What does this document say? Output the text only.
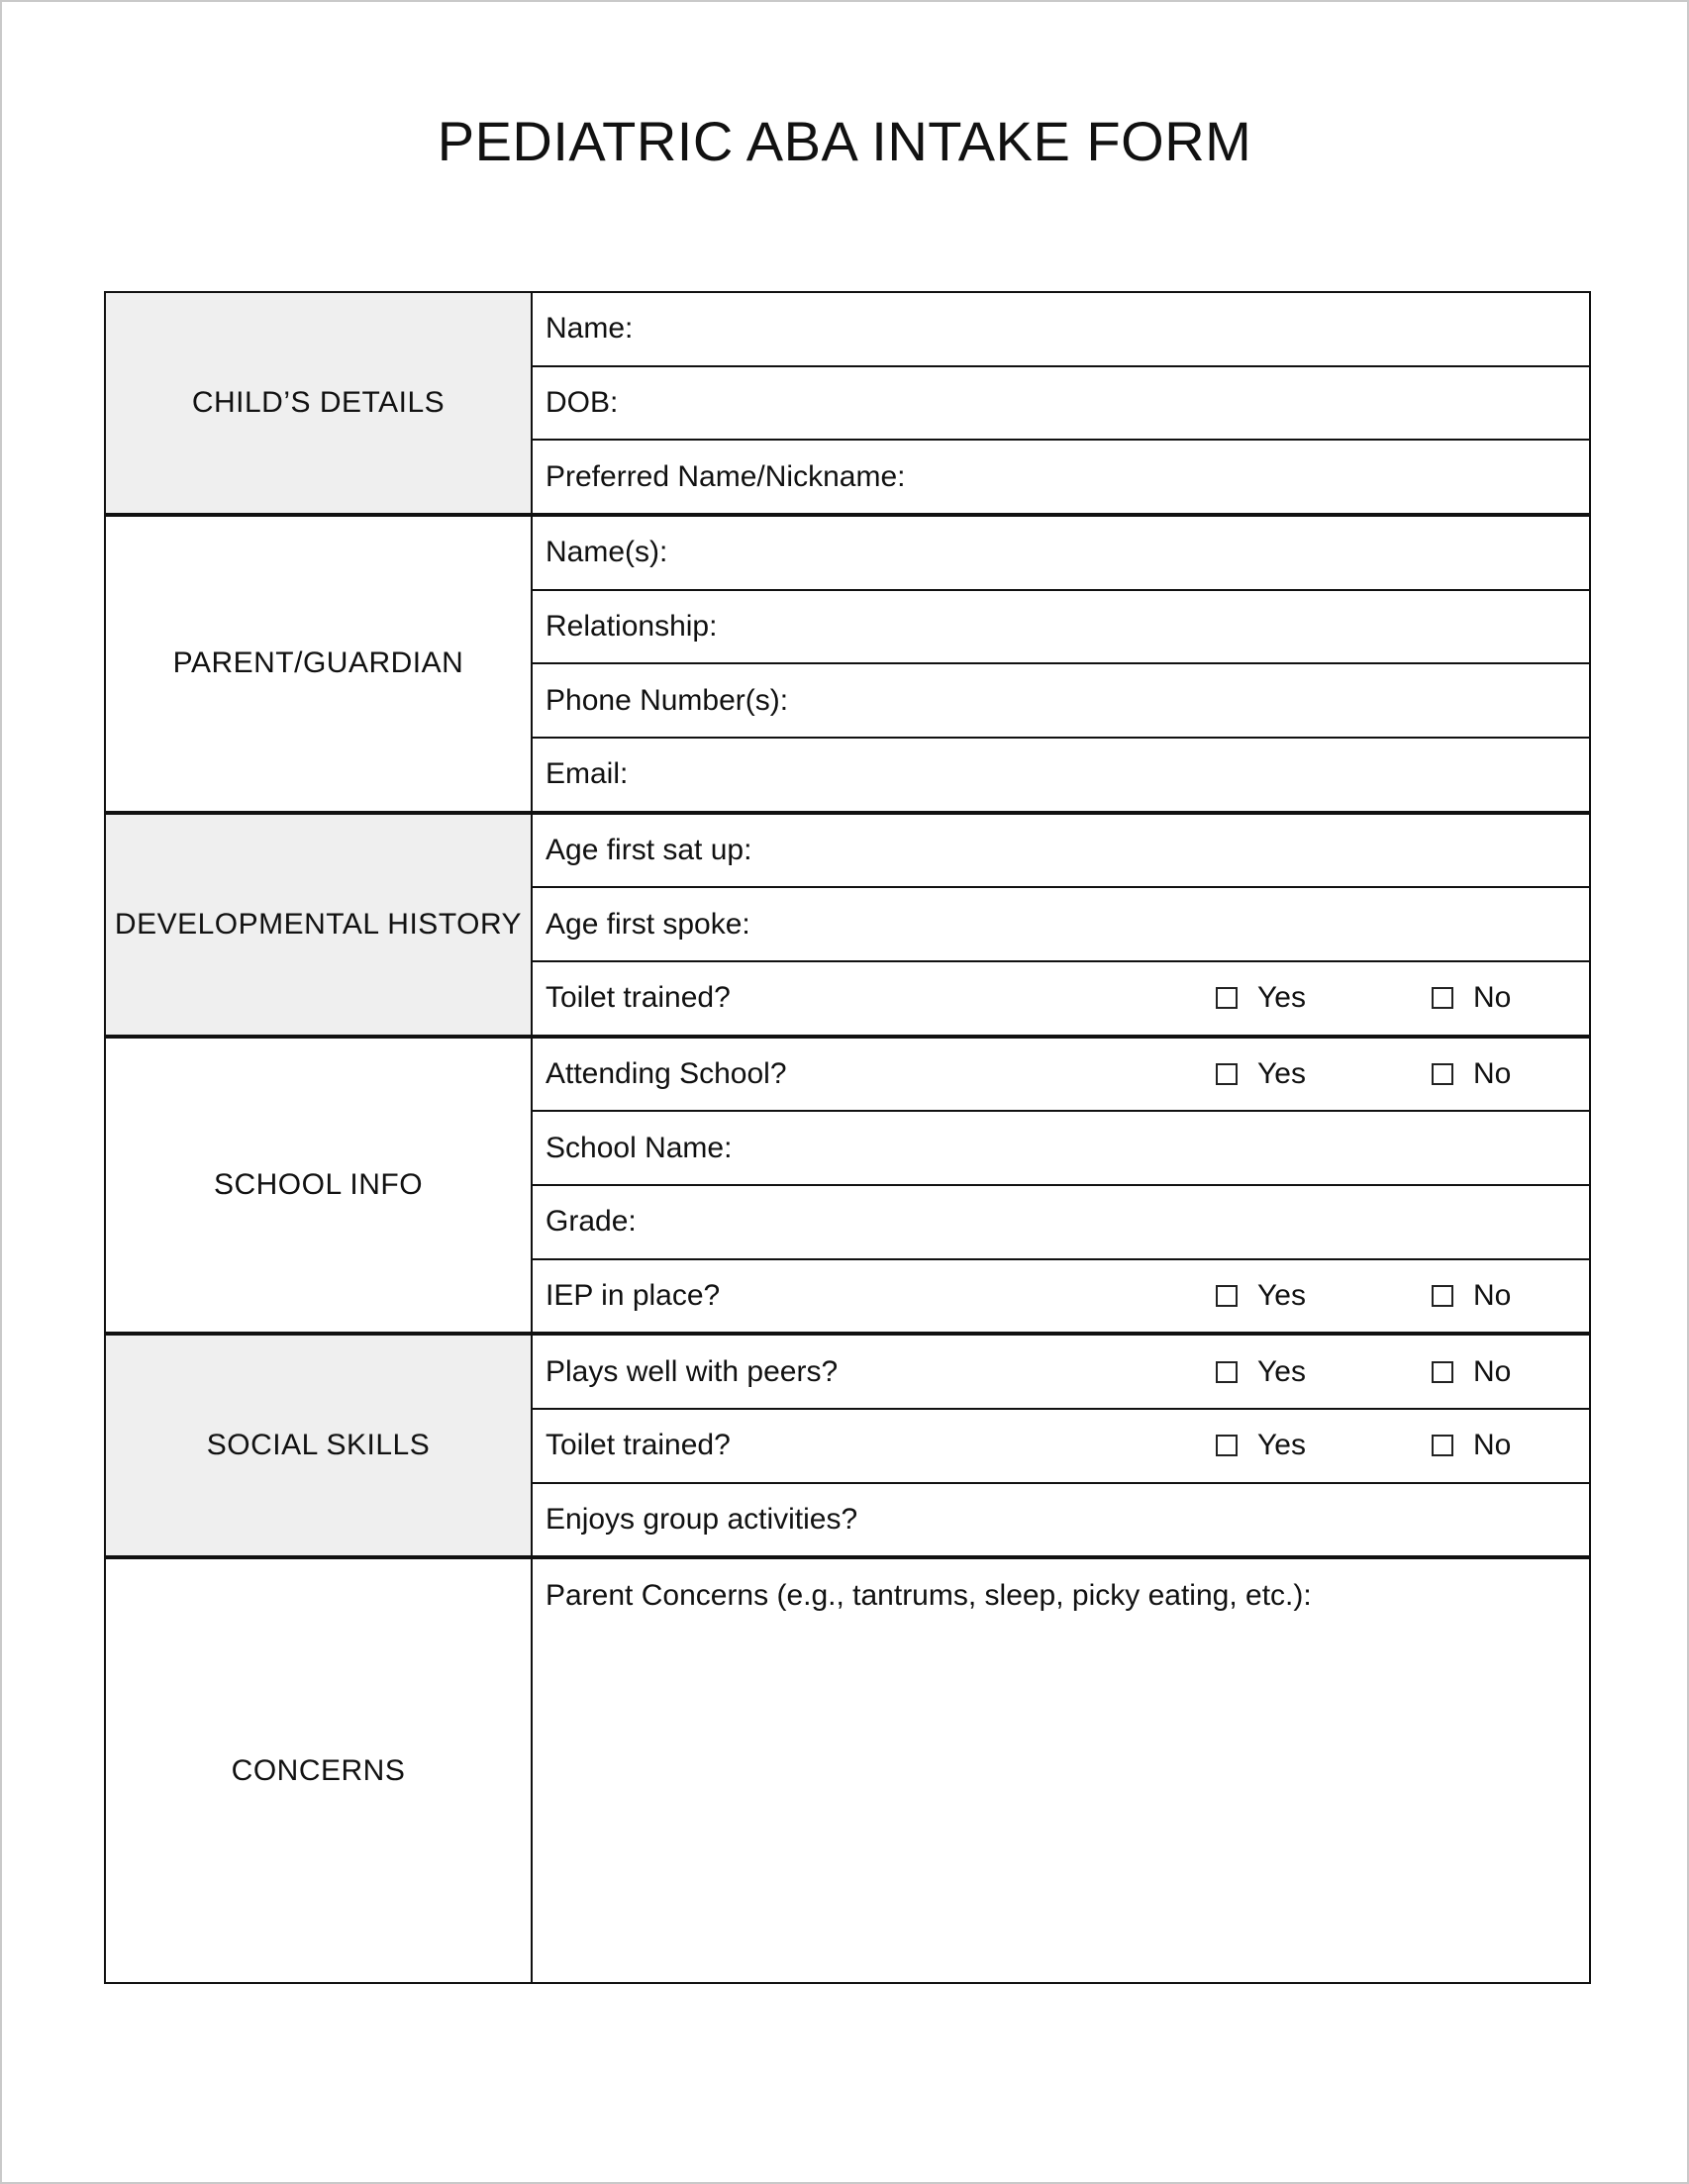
PEDIATRIC ABA INTAKE FORM
CHILD’S DETAILS	Name:
	DOB:
	Preferred Name/Nickname:
PARENT/GUARDIAN	Name(s):
	Relationship:
	Phone Number(s):
	Email:
DEVELOPMENTAL HISTORY	Age first sat up:
	Age first spoke:
	Toilet trained? Yes No

SCHOOL INFO	Attending School? Yes No

	School Name:
	Grade:
	IEP in place? Yes No

SOCIAL SKILLS	Plays well with peers? Yes No

	Toilet trained? Yes No

	Enjoys group activities?
CONCERNS	Parent Concerns (e.g., tantrums, sleep, picky eating, etc.):
